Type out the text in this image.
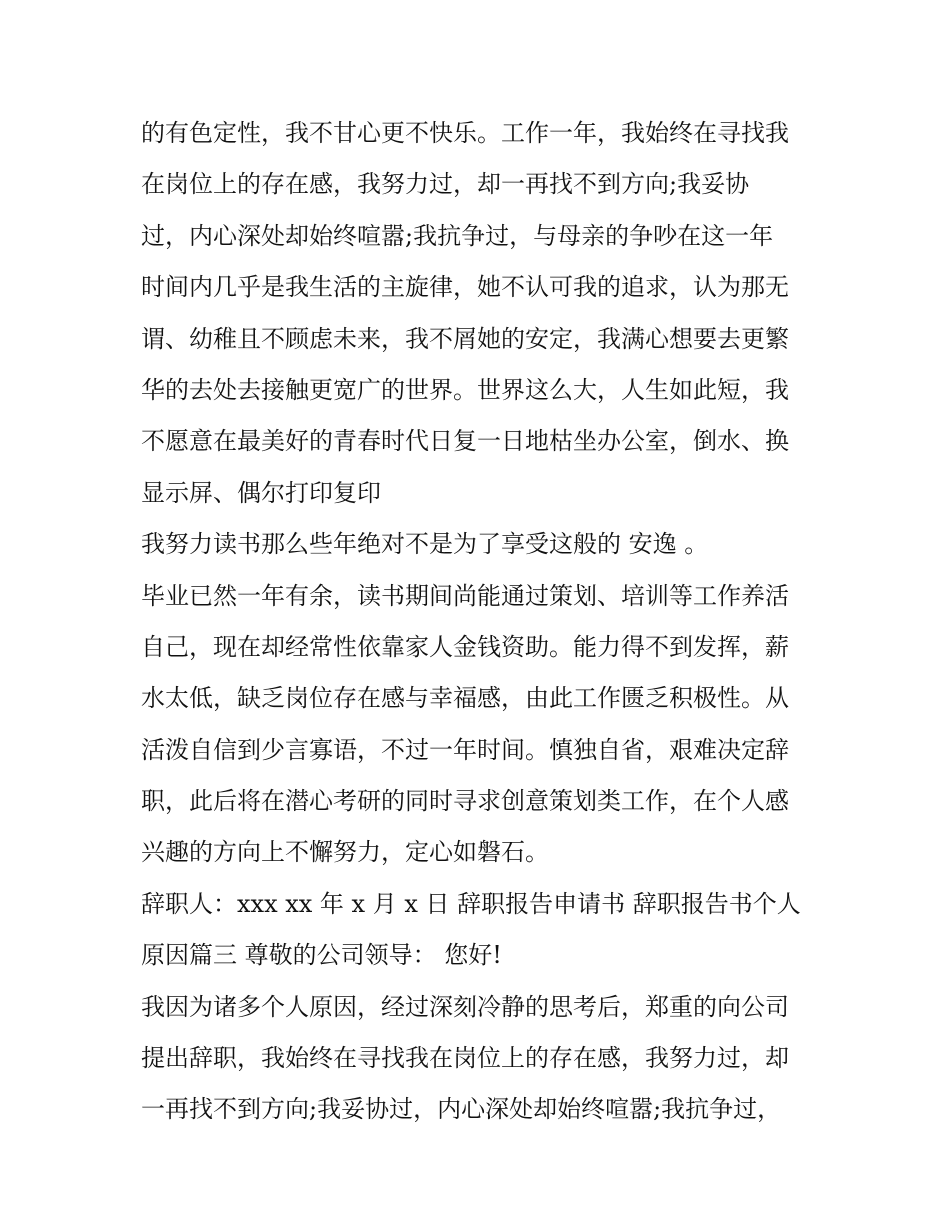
的有色定性，我不甘心更不快乐。工作一年，我始终在寻找我
在岗位上的存在感，我努力过，却一再找不到方向;我妥协
过，内心深处却始终喧嚣;我抗争过，与母亲的争吵在这一年
时间内几乎是我生活的主旋律，她不认可我的追求，认为那无
谓、幼稚且不顾虑未来，我不屑她的安定，我满心想要去更繁
华的去处去接触更宽广的世界。世界这么大，人生如此短，我
不愿意在最美好的青春时代日复一日地枯坐办公室，倒水、换
显示屏、偶尔打印复印
我努力读书那么些年绝对不是为了享受这般的 安逸 。
毕业已然一年有余，读书期间尚能通过策划、培训等工作养活
自己，现在却经常性依靠家人金钱资助。能力得不到发挥，薪
水太低，缺乏岗位存在感与幸福感，由此工作匮乏积极性。从
活泼自信到少言寡语，不过一年时间。慎独自省，艰难决定辞
职，此后将在潜心考研的同时寻求创意策划类工作，在个人感
兴趣的方向上不懈努力，定心如磐石。
辞职人：xxx xx 年 x 月 x 日 辞职报告申请书 辞职报告书个人
原因篇三 尊敬的公司领导： 您好!
我因为诸多个人原因，经过深刻冷静的思考后，郑重的向公司
提出辞职，我始终在寻找我在岗位上的存在感，我努力过，却
一再找不到方向;我妥协过，内心深处却始终喧嚣;我抗争过，
